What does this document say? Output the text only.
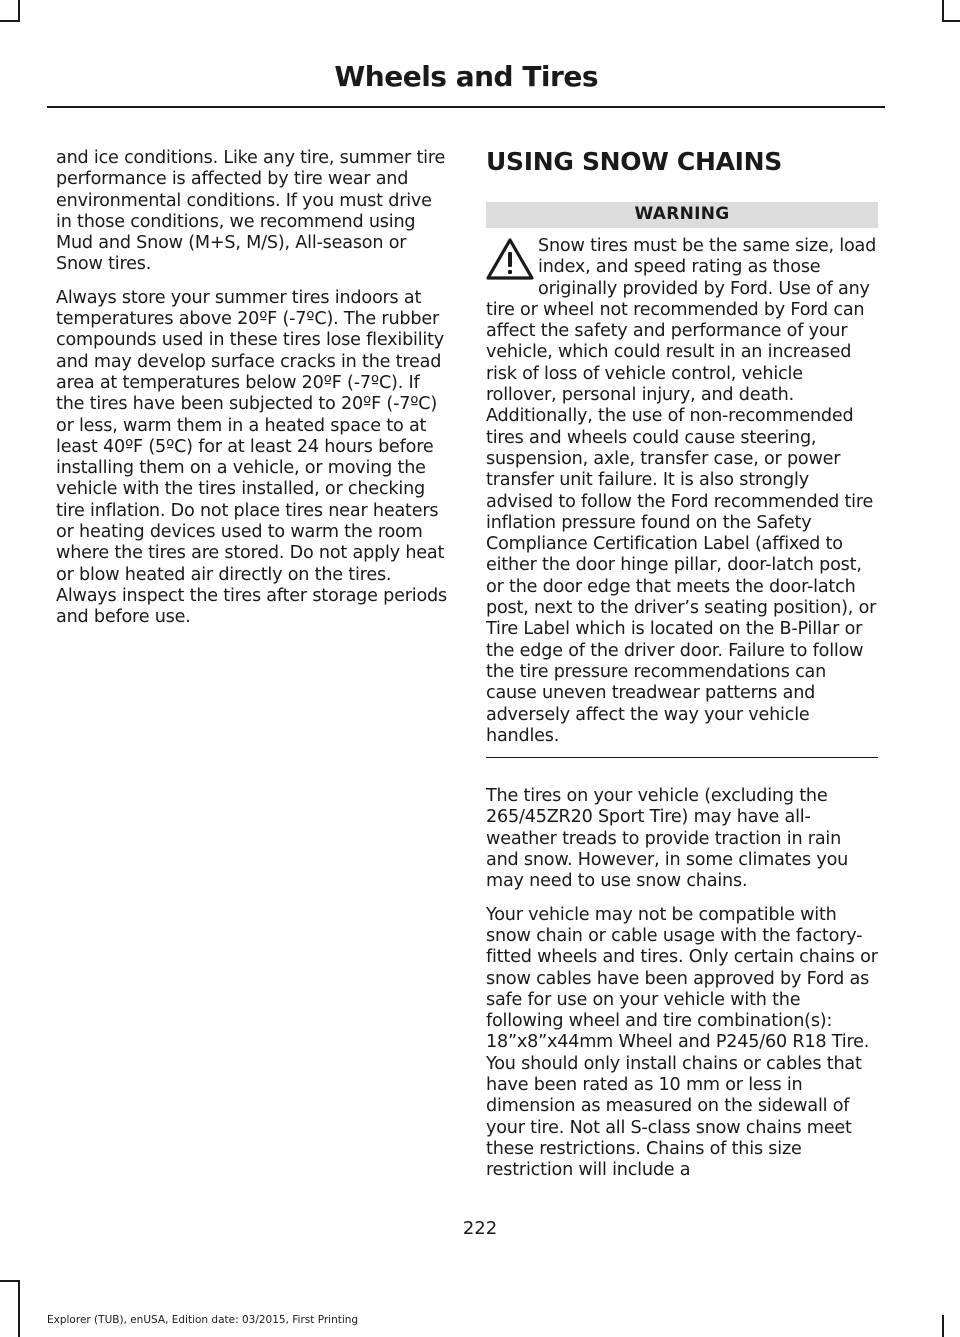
Wheels and Tires

and ice conditions. Like any tire, summer tire performance is affected by tire wear and environmental conditions. If you must drive in those conditions, we recommend using Mud and Snow (M+S, M/S), All-season or Snow tires.

Always store your summer tires indoors at temperatures above 20ºF (-7ºC). The rubber compounds used in these tires lose flexibility and may develop surface cracks in the tread area at temperatures below 20ºF (-7ºC). If the tires have been subjected to 20ºF (-7ºC) or less, warm them in a heated space to at least 40ºF (5ºC) for at least 24 hours before installing them on a vehicle, or moving the vehicle with the tires installed, or checking tire inflation. Do not place tires near heaters or heating devices used to warm the room where the tires are stored. Do not apply heat or blow heated air directly on the tires. Always inspect the tires after storage periods and before use.

USING SNOW CHAINS
WARNING
Snow tires must be the same size, load index, and speed rating as those originally provided by Ford. Use of any tire or wheel not recommended by Ford can affect the safety and performance of your vehicle, which could result in an increased risk of loss of vehicle control, vehicle rollover, personal injury, and death. Additionally, the use of non-recommended tires and wheels could cause steering, suspension, axle, transfer case, or power transfer unit failure. It is also strongly advised to follow the Ford recommended tire inflation pressure found on the Safety Compliance Certification Label (affixed to either the door hinge pillar, door-latch post, or the door edge that meets the door-latch post, next to the driver’s seating position), or Tire Label which is located on the B-Pillar or the edge of the driver door. Failure to follow the tire pressure recommendations can cause uneven treadwear patterns and adversely affect the way your vehicle handles.

The tires on your vehicle (excluding the 265/45ZR20 Sport Tire) may have all-weather treads to provide traction in rain and snow. However, in some climates you may need to use snow chains.

Your vehicle may not be compatible with snow chain or cable usage with the factory-fitted wheels and tires. Only certain chains or snow cables have been approved by Ford as safe for use on your vehicle with the following wheel and tire combination(s): 18”x8”x44mm Wheel and P245/60 R18 Tire. You should only install chains or cables that have been rated as 10 mm or less in dimension as measured on the sidewall of your tire. Not all S-class snow chains meet these restrictions. Chains of this size restriction will include a

222
Explorer (TUB), enUSA, Edition date: 03/2015, First Printing
